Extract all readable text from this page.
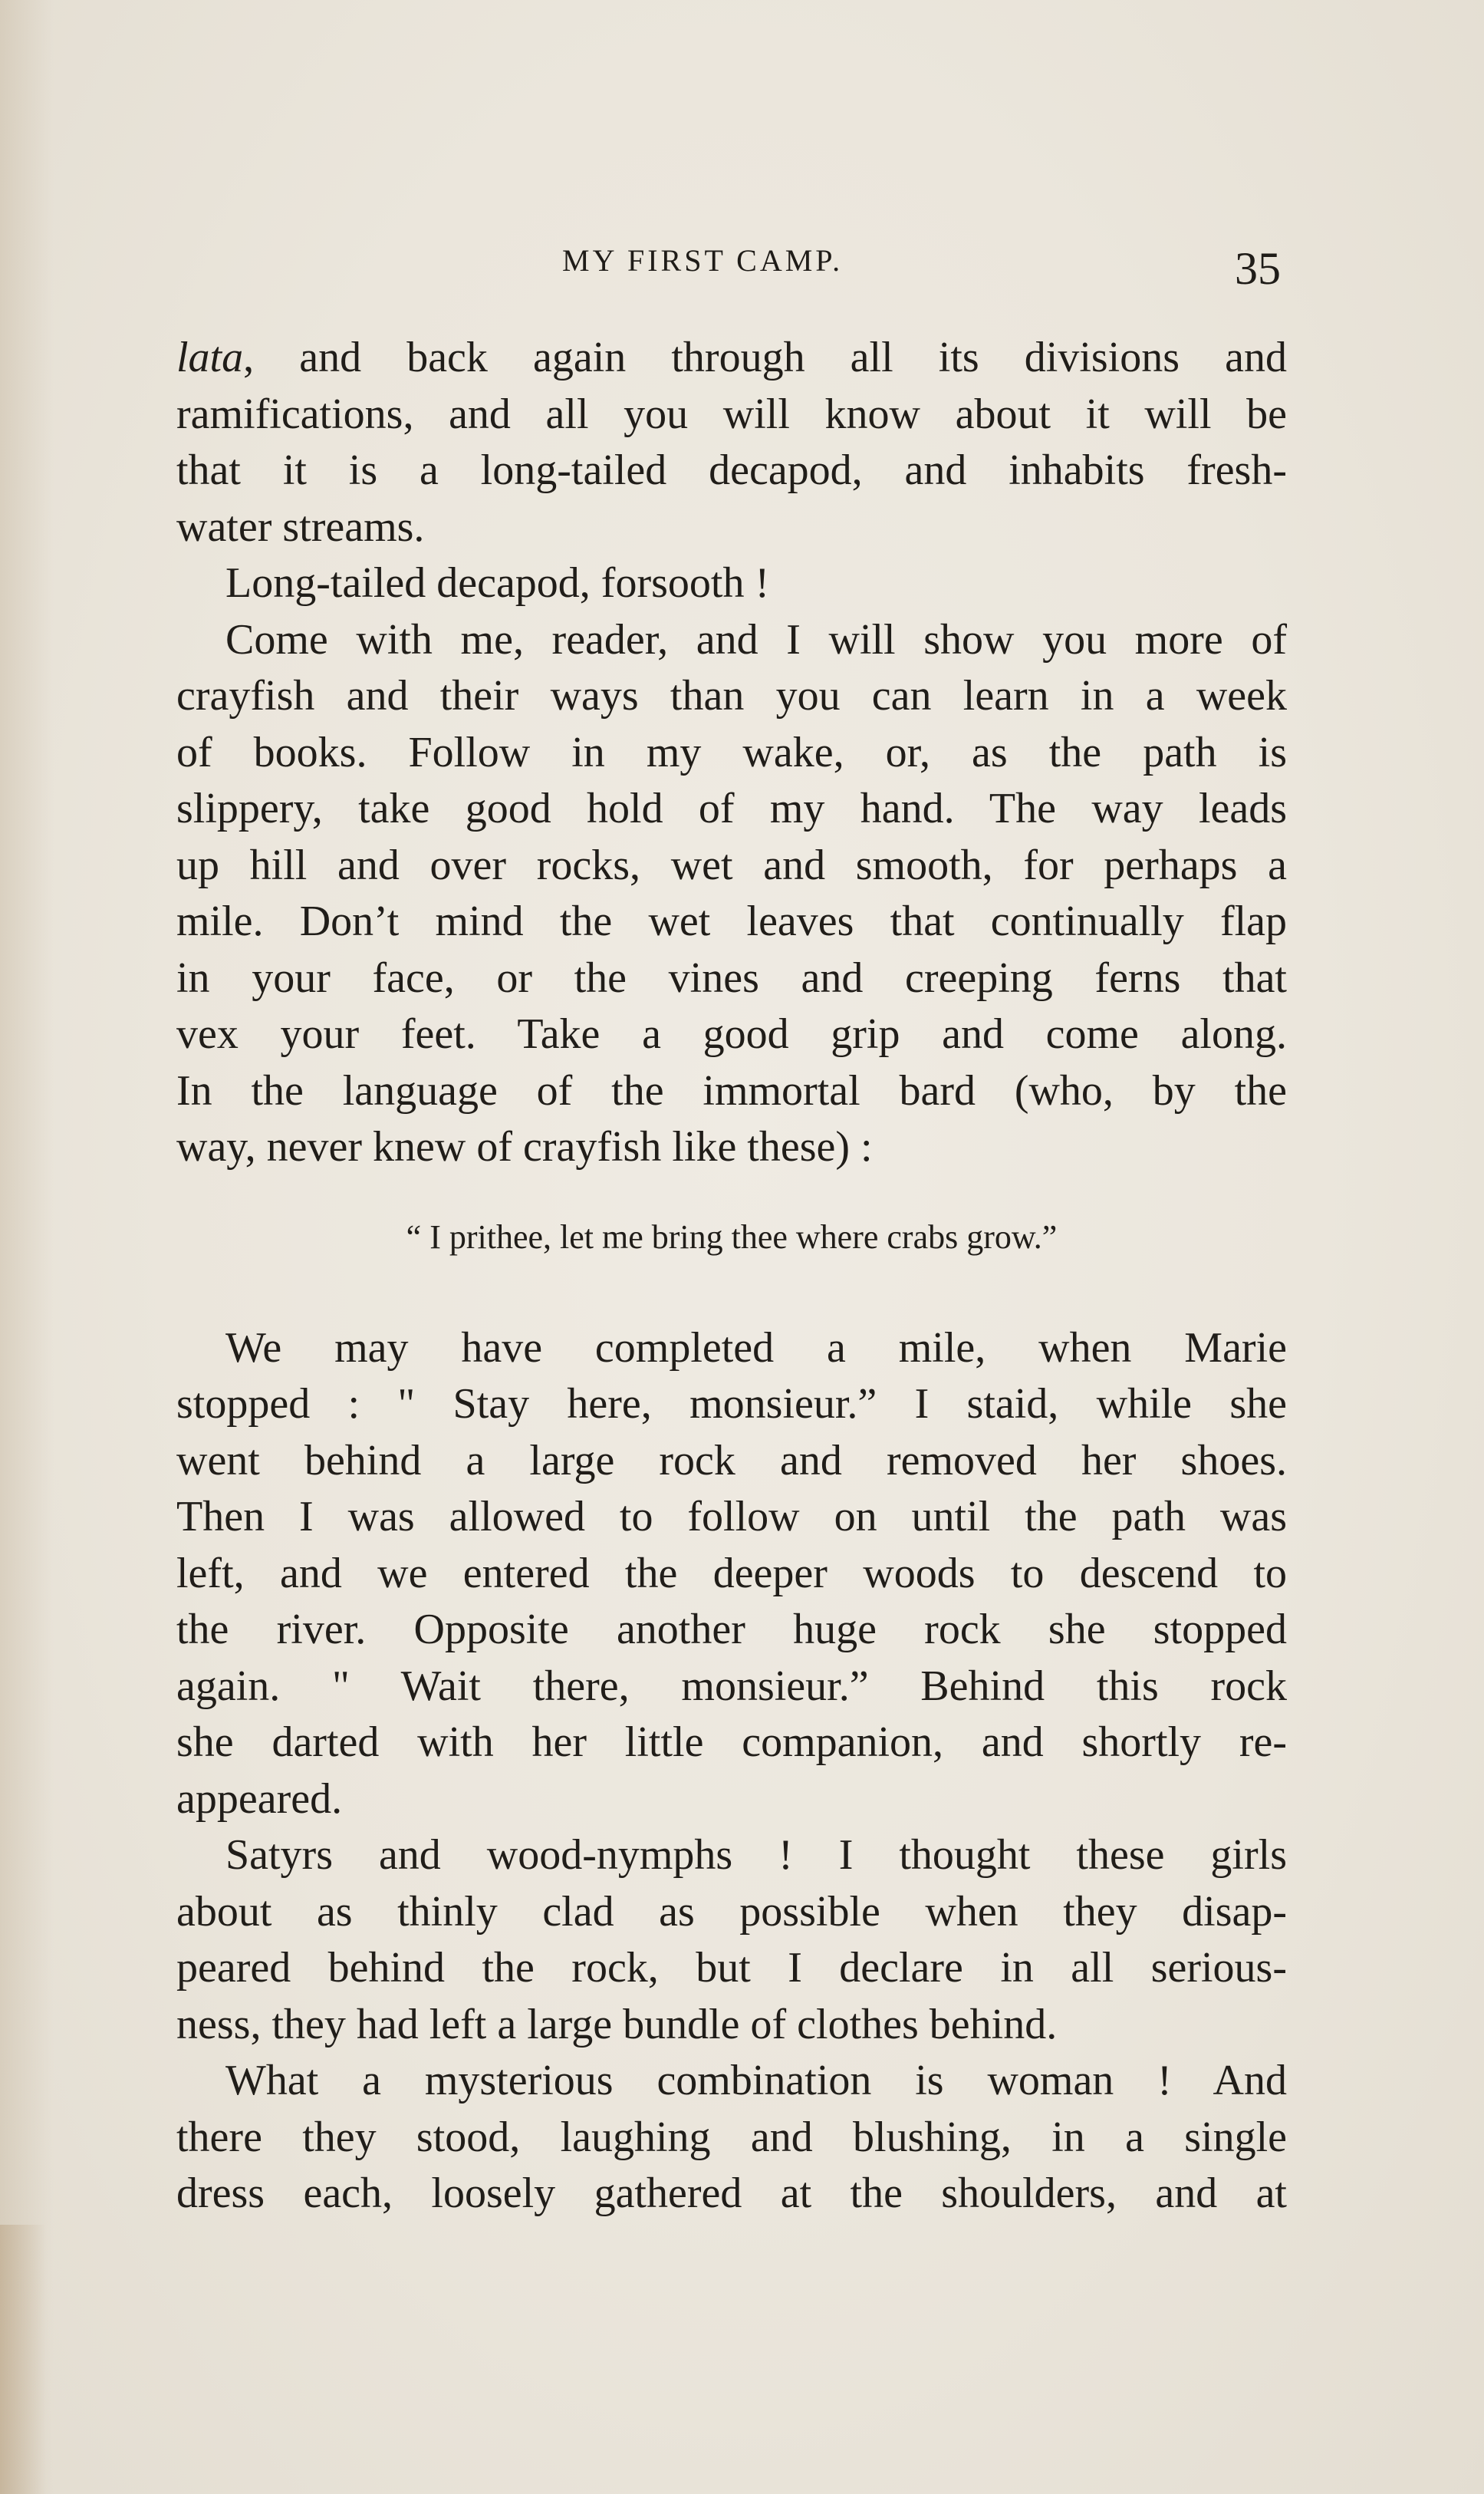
MY FIRST CAMP.	35
lata, and back again through all its divisions and
ramifications, and all you will know about it will be
that it is a long-tailed decapod, and inhabits fresh-
water streams.
Long-tailed decapod, forsooth !
Come with me, reader, and I will show you more of
crayfish and their ways than you can learn in a week
of books. Follow in my wake, or, as the path is
slippery, take good hold of my hand. The way leads
up hill and over rocks, wet and smooth, for perhaps a
mile. Don’t mind the wet leaves that continually flap
in your face, or the vines and creeping ferns that
vex your feet. Take a good grip and come along.
In the language of the immortal bard (who, by the
way, never knew of crayfish like these) :
“ I prithee, let me bring thee where crabs grow.”
We may have completed a mile, when Marie
stopped : " Stay here, monsieur.” I staid, while she
went behind a large rock and removed her shoes.
Then I was allowed to follow on until the path was
left, and we entered the deeper woods to descend to
the river. Opposite another huge rock she stopped
again. " Wait there, monsieur.” Behind this rock
she darted with her little companion, and shortly re-
appeared.
Satyrs and wood-nymphs ! I thought these girls
about as thinly clad as possible when they disap-
peared behind the rock, but I declare in all serious-
ness, they had left a large bundle of clothes behind.
What a mysterious combination is woman ! And
there they stood, laughing and blushing, in a single
dress each, loosely gathered at the shoulders, and at
